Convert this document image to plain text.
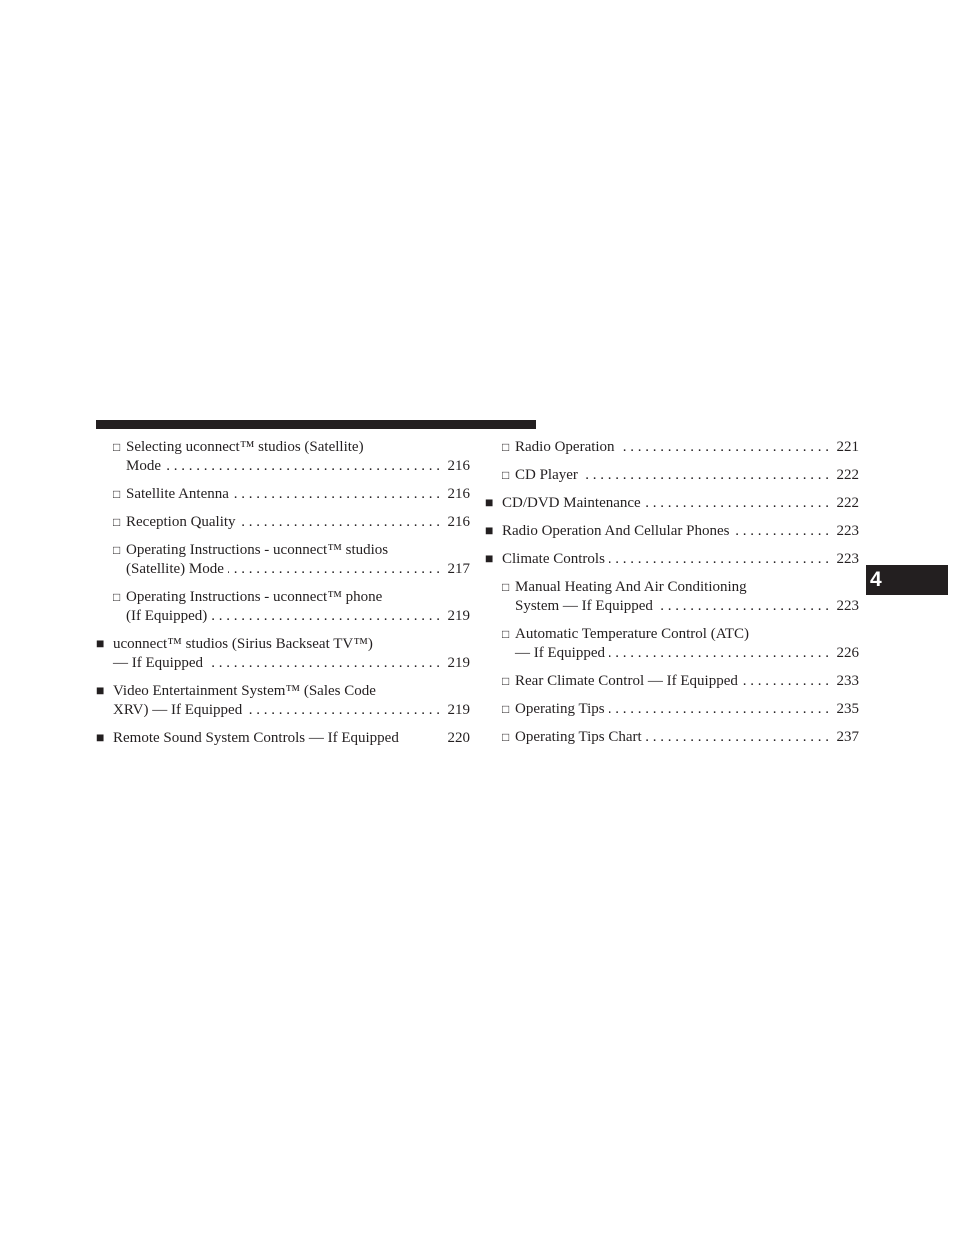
4
□ Selecting uconnect™ studios (Satellite)
Mode . . .	216
□ Satellite Antenna . . .	216
□ Reception Quality . . .	216
□ Operating Instructions - uconnect™ studios
(Satellite) Mode . . .	217
□ Operating Instructions - uconnect™ phone
(If Equipped) . . .	219
■ uconnect™ studios (Sirius Backseat TV™)
— If Equipped . . .	219
■ Video Entertainment System™ (Sales Code
XRV) — If Equipped . . .	219
■ Remote Sound System Controls — If Equipped	220
□ Radio Operation . . .	221
□ CD Player . . .	222
■ CD/DVD Maintenance . . .	222
■ Radio Operation And Cellular Phones . . .	223
■ Climate Controls . . .	223
□ Manual Heating And Air Conditioning
System — If Equipped . . .	223
□ Automatic Temperature Control (ATC)
— If Equipped . . .	226
□ Rear Climate Control — If Equipped . . .	233
□ Operating Tips . . .	235
□ Operating Tips Chart . . .	237
